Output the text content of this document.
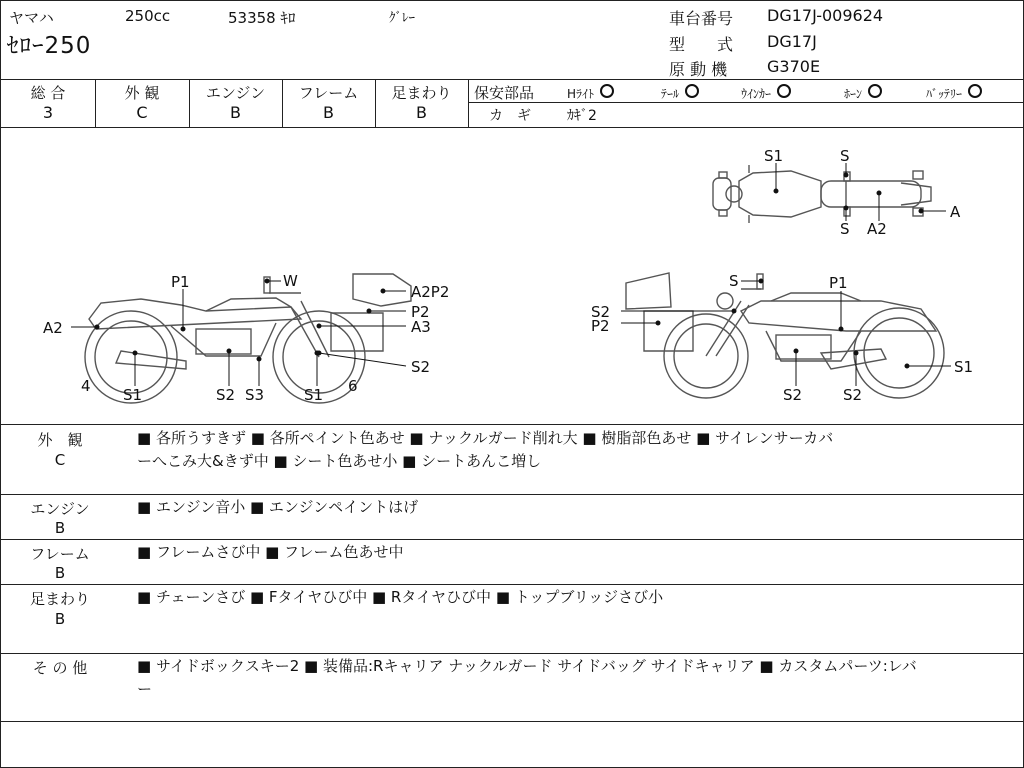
ヤマハ	250cc	53358 ｷﾛ	ｸﾞﾚｰ
ｾﾛｰ250
車台番号 DG17J-009624
型　　式 DG17J
原 動 機 G370E
総 合
3
外 観
C
エンジン
B
フレーム
B
足まわり
B
保安部品	Hﾗｲﾄ	ﾃｰﾙ	ｳｲﾝｶｰ	ﾎｰﾝ	ﾊﾞｯﾃﾘｰ
カ　ギ	ｶｷﾞ2
S1	S
A
S A2
P1	W
A2P2
A2
P2
A3
S2
4 S1	S2 S3	S1 6
S	P1
S2
P2
S1
S2	S2
外　観
C
■ 各所うすきず ■ 各所ペイント色あせ ■ ナックルガード削れ大 ■ 樹脂部色あせ ■ サイレンサーカバ
ーへこみ大&きず中 ■ シート色あせ小 ■ シートあんこ増し
エンジン
B
■ エンジン音小 ■ エンジンペイントはげ
フレーム
B
■ フレームさび中 ■ フレーム色あせ中
足まわり
B
■ チェーンさび ■ Fタイヤひび中 ■ Rタイヤひび中 ■ トップブリッジさび小
そ の 他	■ サイドボックスキー2 ■ 装備品:Rキャリア ナックルガード サイドバッグ サイドキャリア ■ カスタムパーツ:レバ
ー
